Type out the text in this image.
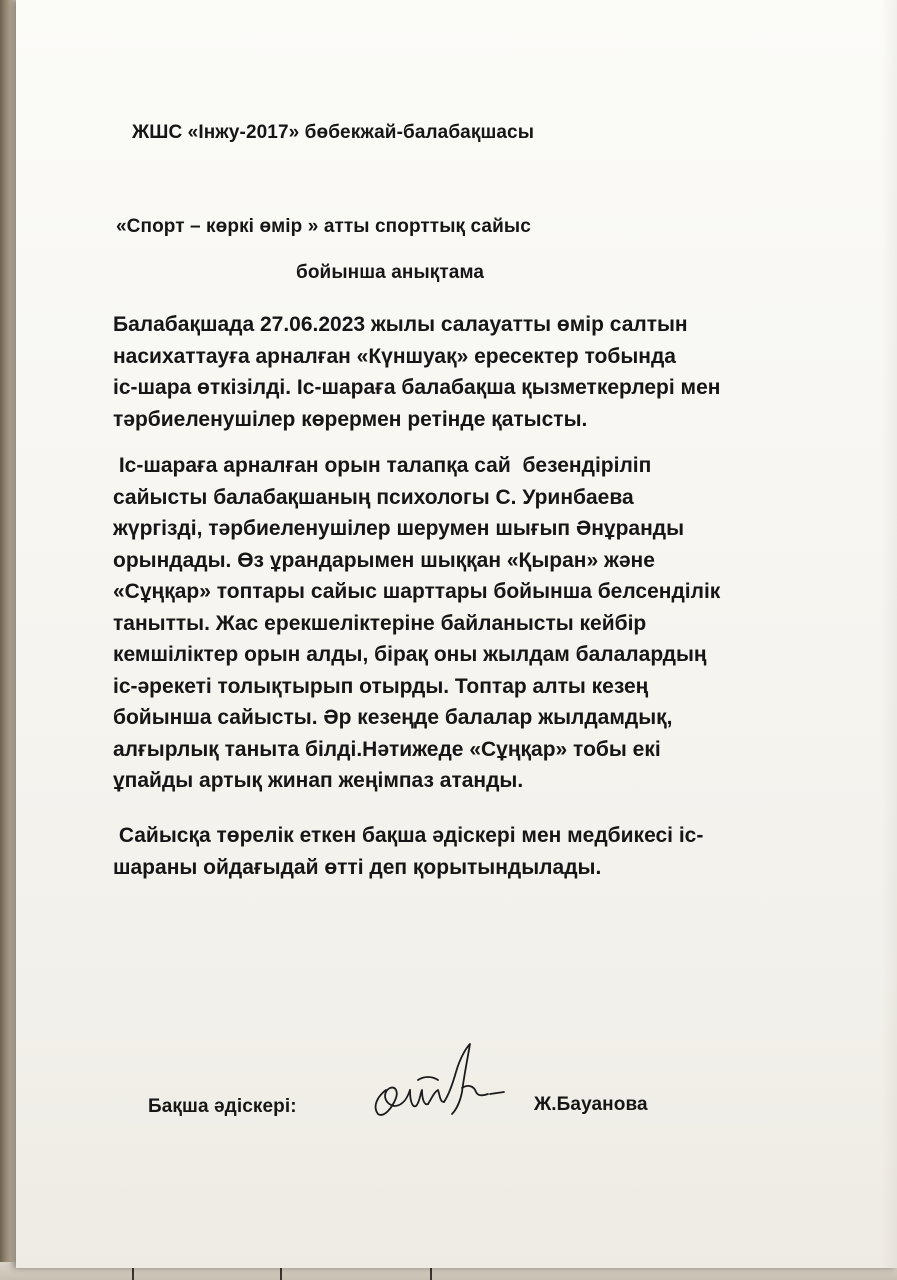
ЖШС «Інжу-2017» бөбекжай-балабақшасы
«Спорт – көркі өмір » атты спорттық сайыс
бойынша анықтама
Балабақшада 27.06.2023 жылы салауатты өмір салтын
насихаттауға арналған «Күншуақ» ересектер тобында
іс-шара өткізілді. Іс-шараға балабақша қызметкерлері мен
тәрбиеленушілер көрермен ретінде қатысты.
Іс-шараға арналған орын талапқа сай  безендіріліп
сайысты балабақшаның психологы С. Уринбаева
жүргізді, тәрбиеленушілер шерумен шығып Әнұранды
орындады. Өз ұрандарымен шыққан «Қыран» және
«Сұңқар» топтары сайыс шарттары бойынша белсенділік
танытты. Жас ерекшеліктеріне байланысты кейбір
кемшіліктер орын алды, бірақ оны жылдам балалардың
іс-әрекеті толықтырып отырды. Топтар алты кезең
бойынша сайысты. Әр кезеңде балалар жылдамдық,
алғырлық таныта білді.Нәтижеде «Сұңқар» тобы екі
ұпайды артық жинап жеңімпаз атанды.
Сайысқа төрелік еткен бақша әдіскері мен медбикесі іс-
шараны ойдағыдай өтті деп қорытындылады.
Бақша әдіскері:	Ж.Бауанова
